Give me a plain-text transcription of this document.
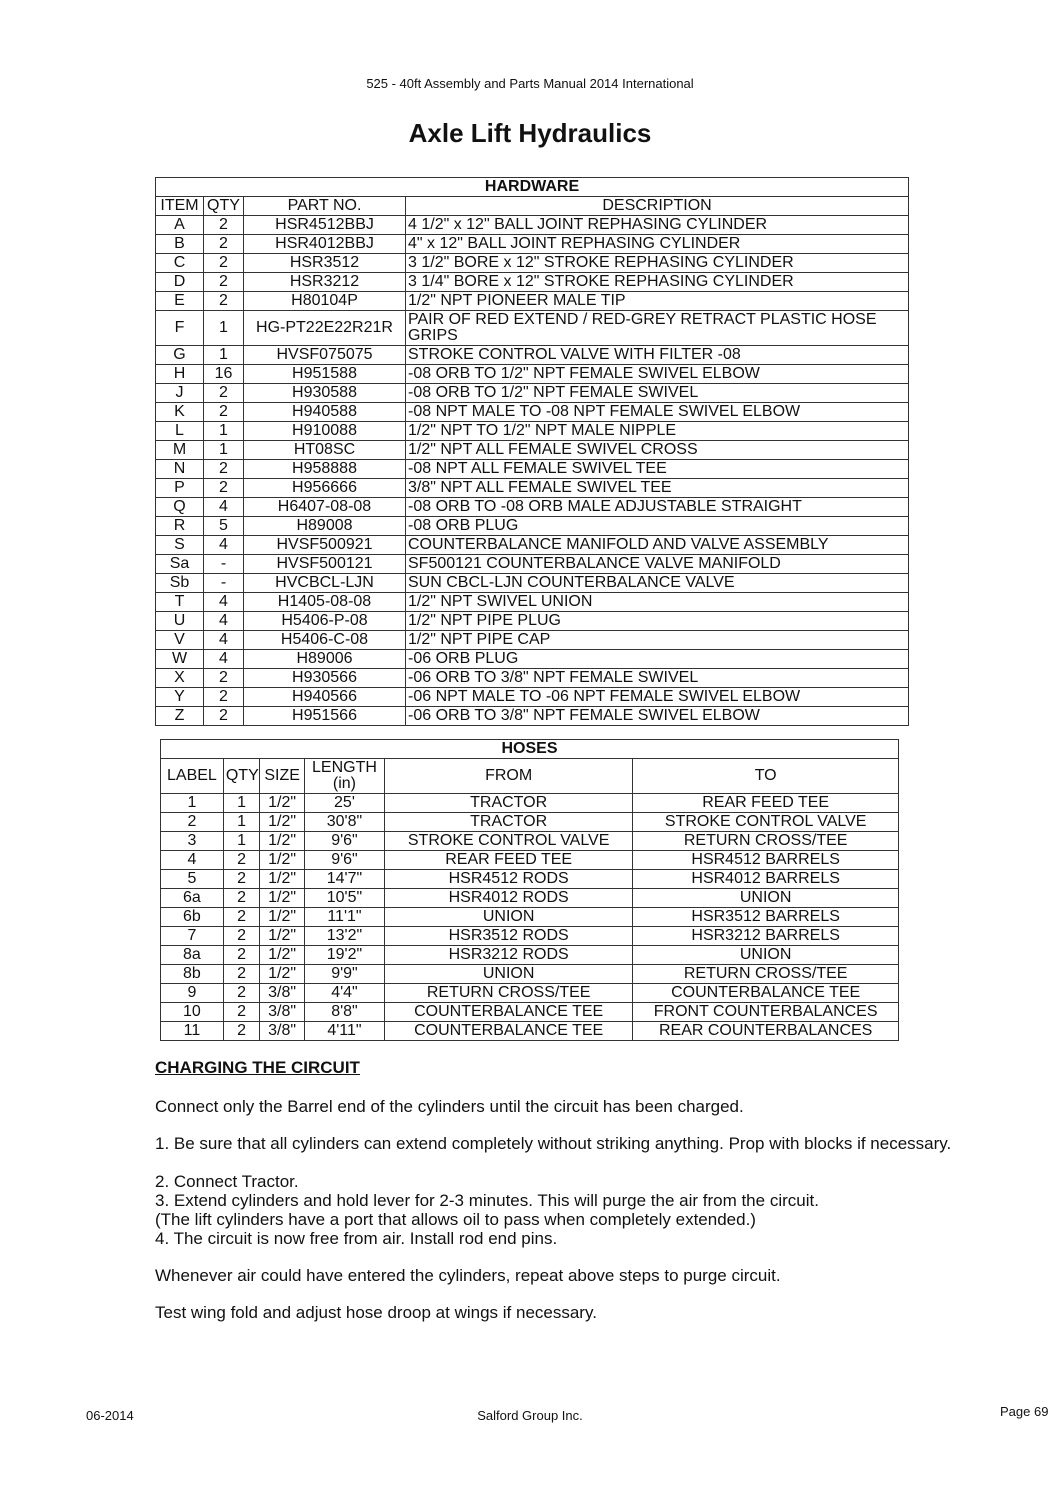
525 - 40ft Assembly and Parts Manual 2014 International
Axle Lift Hydraulics
HARDWARE			
ITEM	QTY	PART NO.	DESCRIPTION
A	2	HSR4512BBJ	4 1/2" x 12" BALL JOINT REPHASING CYLINDER
B	2	HSR4012BBJ	4" x 12" BALL JOINT REPHASING CYLINDER
C	2	HSR3512	3 1/2" BORE x 12" STROKE REPHASING CYLINDER
D	2	HSR3212	3 1/4" BORE x 12" STROKE REPHASING CYLINDER
E	2	H80104P	1/2" NPT PIONEER MALE TIP
F	1	HG-PT22E22R21R	PAIR OF RED EXTEND / RED-GREY RETRACT PLASTIC HOSE GRIPS
G	1	HVSF075075	STROKE CONTROL VALVE WITH FILTER -08
H	16	H951588	-08 ORB TO 1/2" NPT FEMALE SWIVEL ELBOW
J	2	H930588	-08 ORB TO 1/2" NPT FEMALE SWIVEL
K	2	H940588	-08 NPT MALE TO -08 NPT FEMALE SWIVEL ELBOW
L	1	H910088	1/2" NPT TO 1/2" NPT MALE NIPPLE
M	1	HT08SC	1/2" NPT ALL FEMALE SWIVEL CROSS
N	2	H958888	-08 NPT ALL FEMALE SWIVEL TEE
P	2	H956666	3/8" NPT ALL FEMALE SWIVEL TEE
Q	4	H6407-08-08	-08 ORB TO -08 ORB MALE ADJUSTABLE STRAIGHT
R	5	H89008	-08 ORB PLUG
S	4	HVSF500921	COUNTERBALANCE MANIFOLD AND VALVE ASSEMBLY
Sa	-	HVSF500121	SF500121 COUNTERBALANCE VALVE MANIFOLD
Sb	-	HVCBCL-LJN	SUN CBCL-LJN COUNTERBALANCE VALVE
T	4	H1405-08-08	1/2" NPT SWIVEL UNION
U	4	H5406-P-08	1/2" NPT PIPE PLUG
V	4	H5406-C-08	1/2" NPT PIPE CAP
W	4	H89006	-06 ORB PLUG
X	2	H930566	-06 ORB TO 3/8" NPT FEMALE SWIVEL
Y	2	H940566	-06 NPT MALE TO -06 NPT FEMALE SWIVEL ELBOW
Z	2	H951566	-06 ORB TO 3/8" NPT FEMALE SWIVEL ELBOW
HOSES					
LABEL	QTY	SIZE	LENGTH (in)	FROM	TO
1	1	1/2"	25'	TRACTOR	REAR FEED TEE
2	1	1/2"	30'8"	TRACTOR	STROKE CONTROL VALVE
3	1	1/2"	9'6"	STROKE CONTROL VALVE	RETURN CROSS/TEE
4	2	1/2"	9'6"	REAR FEED TEE	HSR4512 BARRELS
5	2	1/2"	14'7"	HSR4512 RODS	HSR4012 BARRELS
6a	2	1/2"	10'5"	HSR4012 RODS	UNION
6b	2	1/2"	11'1"	UNION	HSR3512 BARRELS
7	2	1/2"	13'2"	HSR3512 RODS	HSR3212 BARRELS
8a	2	1/2"	19'2"	HSR3212 RODS	UNION
8b	2	1/2"	9'9"	UNION	RETURN CROSS/TEE
9	2	3/8"	4'4"	RETURN CROSS/TEE	COUNTERBALANCE TEE
10	2	3/8"	8'8"	COUNTERBALANCE TEE	FRONT COUNTERBALANCES
11	2	3/8"	4'11"	COUNTERBALANCE TEE	REAR COUNTERBALANCES
CHARGING THE CIRCUIT
Connect only the Barrel end of the cylinders until the circuit has been charged.
1. Be sure that all cylinders can extend completely without striking anything. Prop with blocks if necessary.
2. Connect Tractor.
3. Extend cylinders and hold lever for 2-3 minutes. This will purge the air from the circuit.
(The lift cylinders have a port that allows oil to pass when completely extended.)
4. The circuit is now free from air. Install rod end pins.
Whenever air could have entered the cylinders, repeat above steps to purge circuit.
Test wing fold and adjust hose droop at wings if necessary.
06-2014	Salford Group Inc.	Page 69
